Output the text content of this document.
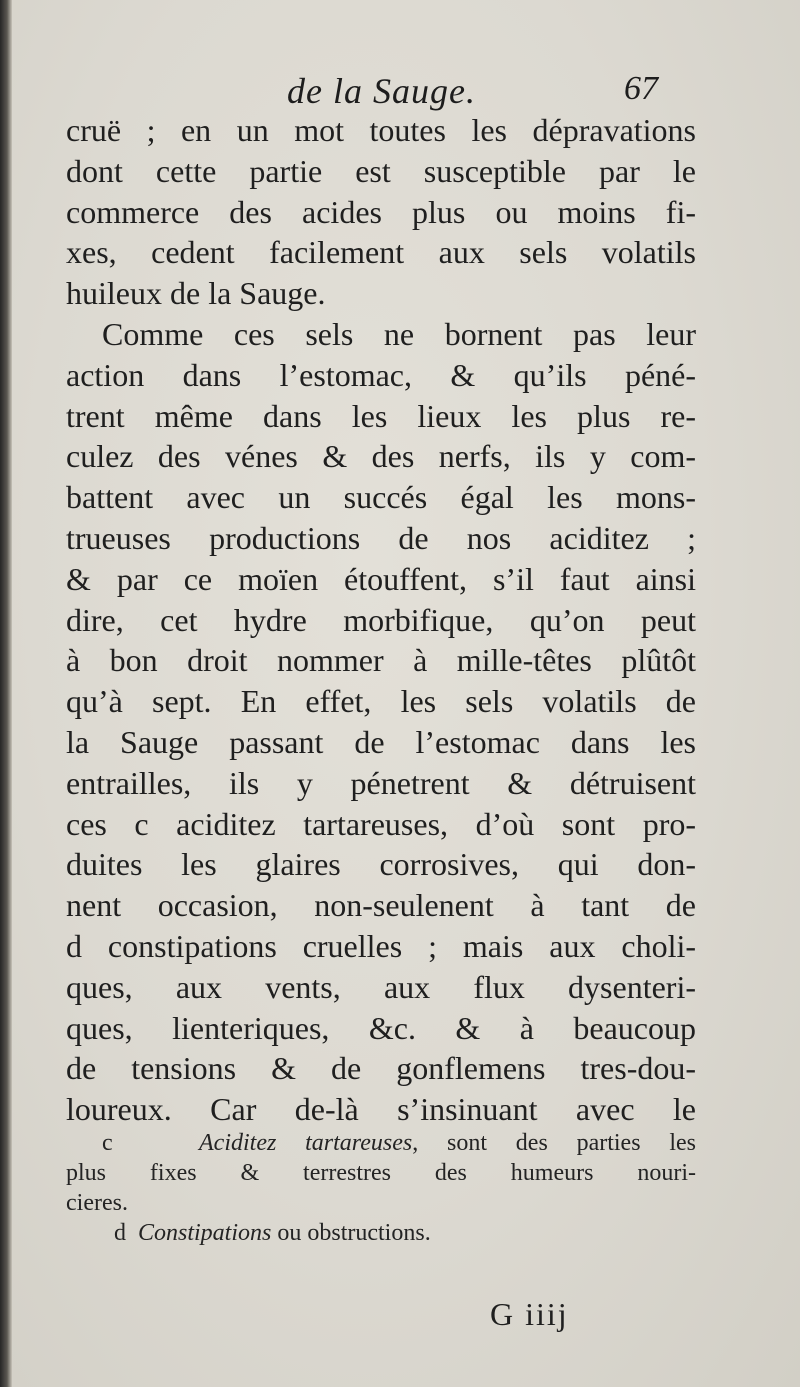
de la Sauge.	67
cruë ; en un mot toutes les dépravations
dont cette partie est susceptible par le
commerce des acides plus ou moins fi-
xes, cedent facilement aux sels volatils
huileux de la Sauge.
Comme ces sels ne bornent pas leur
action dans l’estomac, & qu’ils péné-
trent même dans les lieux les plus re-
culez des vénes & des nerfs, ils y com-
battent avec un succés égal les mons-
trueuses productions de nos aciditez ;
& par ce moïen étouffent, s’il faut ainsi
dire, cet hydre morbifique, qu’on peut
à bon droit nommer à mille-têtes plûtôt
qu’à sept. En effet, les sels volatils de
la Sauge passant de l’estomac dans les
entrailles, ils y pénetrent & détruisent
ces c aciditez tartareuses, d’où sont pro-
duites les glaires corrosives, qui don-
nent occasion, non-seulenent à tant de
d constipations cruelles ; mais aux choli-
ques, aux vents, aux flux dysenteri-
ques, lienteriques, &c. & à beaucoup
de tensions & de gonflemens tres-dou-
loureux. Car de-là s’insinuant avec le
c	Aciditez tartareuses, sont des parties les
plus fixes & terrestres des humeurs nouri-
cieres.
d Constipations ou obstructions.
G iiij
